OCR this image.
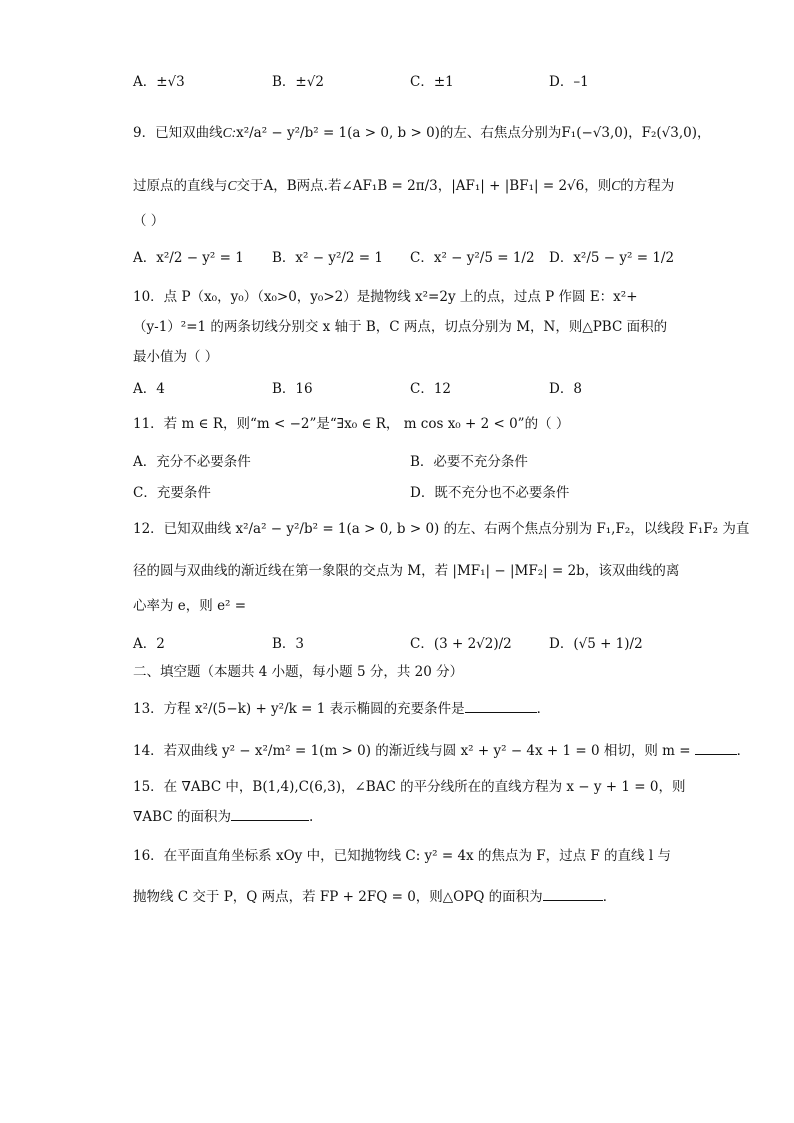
A．±√3	B．±√2	C．±1	D．–1
9．已知双曲线C:x²/a² − y²/b² = 1(a > 0, b > 0)的左、右焦点分别为F₁(−√3,0)，F₂(√3,0)，
过原点的直线与C交于A，B两点.若∠AF₁B = 2π/3，|AF₁| + |BF₁| = 2√6，则C的方程为
（ ）
A．x²/2 − y² = 1 B．x² − y²/2 = 1 C．x² − y²/5 = 1/2 D．x²/5 − y² = 1/2
10．点 P（x₀，y₀）（x₀>0，y₀>2）是抛物线 x²=2y 上的点，过点 P 作圆 E：x²+
（y-1）²=1 的两条切线分别交 x 轴于 B，C 两点，切点分别为 M，N，则△PBC 面积的
最小值为（ ）
A．4	B．16	C．12	D．8
11．若 m ∈ R，则“m < −2”是“∃x₀ ∈ R， m cos x₀ + 2 < 0”的（ ）
A．充分不必要条件	B．必要不充分条件
C．充要条件	D．既不充分也不必要条件
12．已知双曲线 x²/a² − y²/b² = 1(a > 0, b > 0) 的左、右两个焦点分别为 F₁,F₂，以线段 F₁F₂ 为直
径的圆与双曲线的渐近线在第一象限的交点为 M，若 |MF₁| − |MF₂| = 2b，该双曲线的离
心率为 e，则 e² =
A．2	B．3	C．(3 + 2√2)/2	D．(√5 + 1)/2
二、填空题（本题共 4 小题，每小题 5 分，共 20 分）
13．方程 x²/(5−k) + y²/k = 1 表示椭圆的充要条件是	．
14．若双曲线 y² − x²/m² = 1(m > 0) 的渐近线与圆 x² + y² − 4x + 1 = 0 相切，则 m =	．
15．在 ∇ABC 中，B(1,4),C(6,3)，∠BAC 的平分线所在的直线方程为 x − y + 1 = 0，则
∇ABC 的面积为	.
16．在平面直角坐标系 xOy 中，已知抛物线 C: y² = 4x 的焦点为 F，过点 F 的直线 l 与
抛物线 C 交于 P，Q 两点，若 FP + 2FQ = 0，则△OPQ 的面积为	．
